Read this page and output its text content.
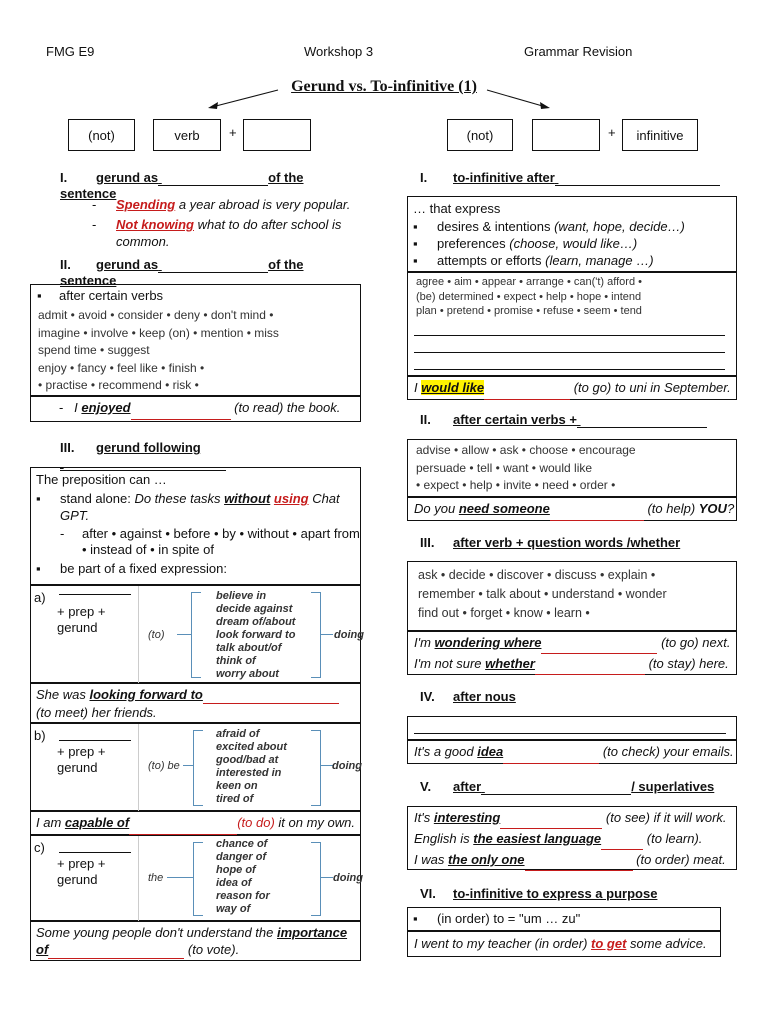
FMG E9	Workshop 3	Grammar Revision
Gerund vs. To-infinitive (1)
(not)	verb	+	(not)	+	infinitive
I. gerund as	of the sentence
-	Spending a year abroad is very popular.
-	Not knowing what to do after school is common.
II. gerund as	of the sentence
▪	after certain verbs
admit • avoid • consider • deny • don't mind •
imagine • involve • keep (on) • mention • miss
spend time • suggest
enjoy • fancy • feel like • finish •
• practise • recommend • risk •
-   I enjoyed	(to read) the book.
III. gerund following
The preposition can …
▪	stand alone: Do these tasks without using Chat GPT.
-	after • against • before • by • without • apart from • instead of • in spite of
▪	be part of a fixed expression:
a)
+ prep + gerund	(to)
believe in
decide against
dream of/about
look forward to
talk about/of
think of
worry about
doing
She was looking forward to
(to meet) her friends.
b)
+ prep + gerund	(to) be
afraid of
excited about
good/bad at
interested in
keen on
tired of
doing
I am capable of	(to do) it on my own.
c)
+ prep + gerund	the
chance of
danger of
hope of
idea of
reason for
way of
doing
Some young people don't understand the importance of	(to vote).
I. to-infinitive after
… that express
▪	desires & intentions (want, hope, decide…)
▪	preferences (choose, would like…)
▪	attempts or efforts (learn, manage …)
agree • aim • appear • arrange • can('t) afford •
(be) determined • expect • help • hope • intend
plan • pretend • promise • refuse • seem • tend
I would like	(to go) to uni in September.
II. after certain verbs +
advise • allow • ask • choose • encourage
persuade • tell • want • would like
• expect • help • invite • need • order •
Do you need someone	(to help) YOU?
III. after verb + question words /whether
ask • decide • discover • discuss • explain •
remember • talk about • understand • wonder
find out • forget • know • learn •
I'm wondering where	(to go) next.
I'm not sure whether	(to stay) here.
IV. after nous
It's a good idea	(to check) your emails.
V. after	/ superlatives
It's interesting	(to see) if it will work.
English is the easiest language	(to learn).
I was the only one	(to order) meat.
VI. to-infinitive to express a purpose
▪	(in order) to = "um … zu"
I went to my teacher (in order) to get some advice.
